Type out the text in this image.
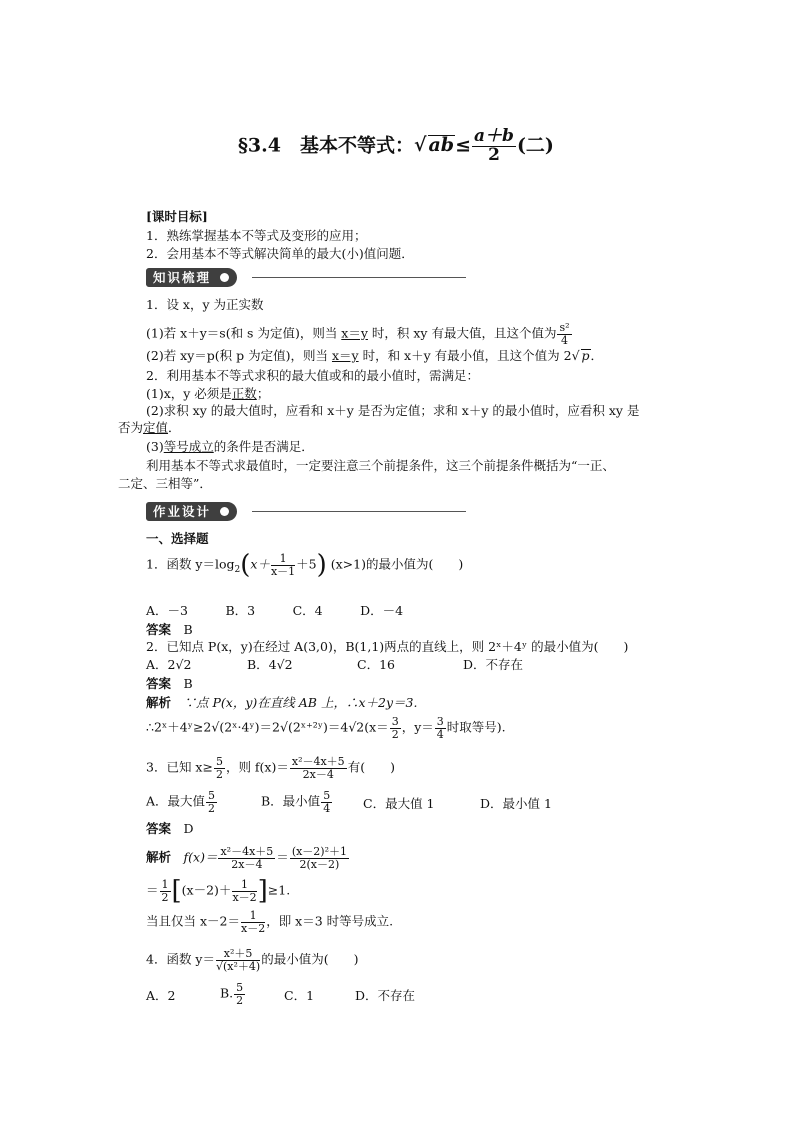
§3.4　基本不等式：√ $ab\le \frac{a+b}{2}$ (二)
[课时目标]
1．熟练掌握基本不等式及变形的应用；
2．会用基本不等式解决简单的最大(小)值问题．
知识梳理
1．设 x，y 为正实数
(1)若 x＋y＝s(和 s 为定值)，则当 x＝y 时，积 xy 有最大值，且这个值为 $\frac{\text{s²}}{4}$
(2)若 xy＝p(积 p 为定值)，则当 x＝y 时，和 x＋y 有最小值，且这个值为 2√ p．
2．利用基本不等式求积的最大值或和的最小值时，需满足：
(1)x，y 必须是正数；
(2)求积 xy 的最大值时，应看和 x＋y 是否为定值；求和 x＋y 的最小值时，应看积 xy 是
否为定值．
(3)等号成立的条件是否满足．
利用基本不等式求最值时，一定要注意三个前提条件，这三个前提条件概括为“一正、
二定、三相等”．
作业设计
一、选择题
1．函数 $y=\log_2(x+ \frac{1}{x-1} +5)$ (x>1)的最小值为(　　)
A．－3　　　B．3　　　C．4　　　D．－4
答案　 B
2．已知点 P(x，y)在经过 A(3,0)，B(1,1)两点的直线上，则 2ˣ＋4ʸ 的最小值为(　　)
A．2√2	B．4√2	C．16	D．不存在
答案　 B
解析　 ∵点 P(x，y)在直线 AB 上，∴x＋2y＝3.
∴2ˣ＋4ʸ≥2√(2ˣ·4ʸ)＝2√(2ˣ⁺²ʸ)＝4√2(x＝ $\frac{3}{2}$ ，$y= \frac{3}{4}$ 时取等号).
3．已知 $x\ge \frac{5}{2}$ ，则 $f(x)= \frac{\text{x²－4x＋5}}{2x-4}$ 有(　　)
A．最大值 $\frac{5}{2}$	B．最小值 $\frac{5}{4}$ C．最大值 1	D．最小值 1
答案　 D
解析　 $f(x)= \frac{\text{x²－4x＋5}}{2x-4} = \frac{\text{(x－2)²＋1}}{2(x-2)}$
＝ $\frac{1}{2} [(x-2)+ \frac{1}{x-2} ]\ge 1$.
当且仅当 $x-2= \frac{1}{x-2}$ ，即 x＝3 时等号成立.
4．函数 $y= \frac{\text{x²＋5}}{\text{√(x²＋4)}}$ 的最小值为(　　)
A．2	B. $\frac{5}{2}$	C．1	D．不存在
